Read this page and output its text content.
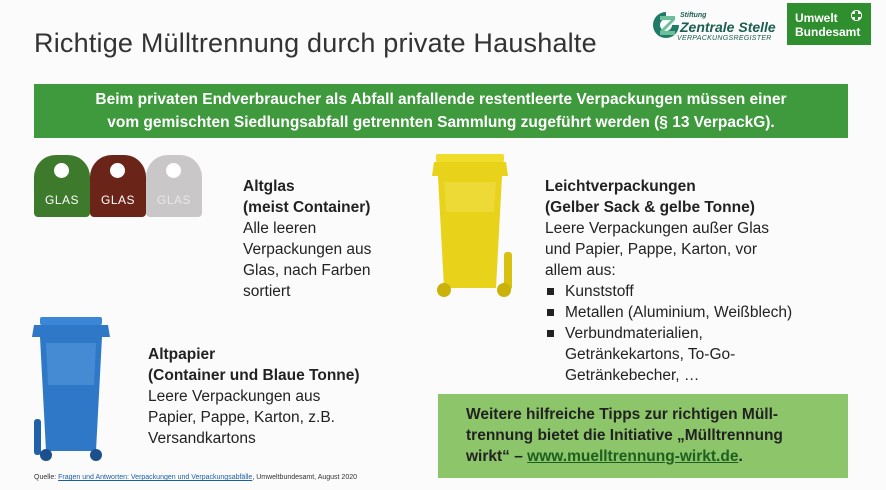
Richtige Mülltrennung durch private Haushalte
Stiftung
Zentrale Stelle
VERPACKUNGSREGISTER
Umwelt
Bundesamt
Beim privaten Endverbraucher als Abfall anfallende restentleerte Verpackungen müssen einer
vom gemischten Siedlungsabfall getrennten Sammlung zugeführt werden (§ 13 VerpackG).
GLAS	GLAS	GLAS
Altglas
(meist Container)
Alle leeren
Verpackungen aus
Glas, nach Farben
sortiert
Leichtverpackungen
(Gelber Sack & gelbe Tonne)
Leere Verpackungen außer Glas
und Papier, Pappe, Karton, vor
allem aus:
Kunststoff
Metallen (Aluminium, Weißblech)
Verbundmaterialien,
Getränkekartons, To-Go-
Getränkebecher, …
Altpapier
(Container und Blaue Tonne)
Leere Verpackungen aus
Papier, Pappe, Karton, z.B.
Versandkartons
Weitere hilfreiche Tipps zur richtigen Müll-
trennung bietet die Initiative „Mülltrennung
wirkt“ – www.muelltrennung-wirkt.de.
Quelle: Fragen und Antworten: Verpackungen und Verpackungsabfälle, Umweltbundesamt, August 2020
